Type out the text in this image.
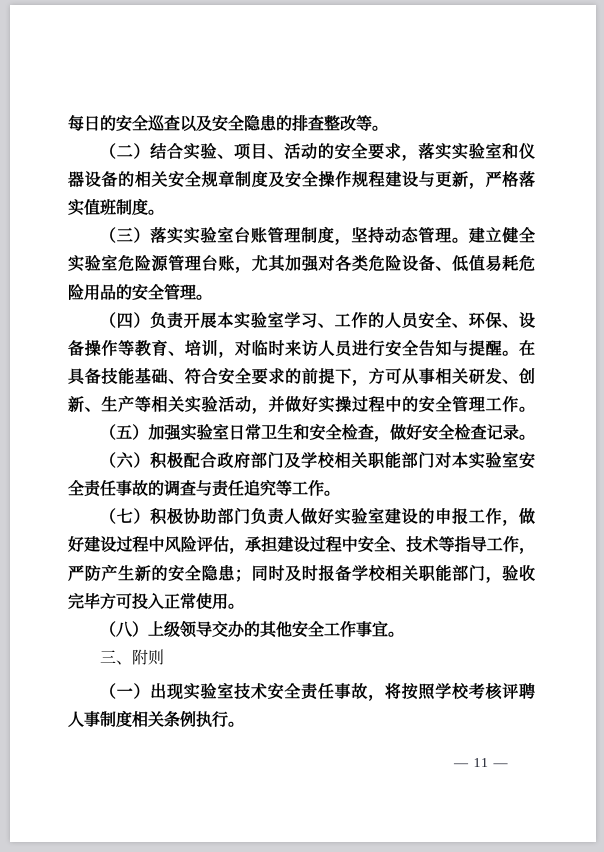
每日的安全巡查以及安全隐患的排查整改等。
（二）结合实验、项目、活动的安全要求，落实实验室和仪
器设备的相关安全规章制度及安全操作规程建设与更新，严格落
实值班制度。
（三）落实实验室台账管理制度，坚持动态管理。建立健全
实验室危险源管理台账，尤其加强对各类危险设备、低值易耗危
险用品的安全管理。
（四）负责开展本实验室学习、工作的人员安全、环保、设
备操作等教育、培训，对临时来访人员进行安全告知与提醒。在
具备技能基础、符合安全要求的前提下，方可从事相关研发、创
新、生产等相关实验活动，并做好实操过程中的安全管理工作。
（五）加强实验室日常卫生和安全检查，做好安全检查记录。
（六）积极配合政府部门及学校相关职能部门对本实验室安
全责任事故的调查与责任追究等工作。
（七）积极协助部门负责人做好实验室建设的申报工作，做
好建设过程中风险评估，承担建设过程中安全、技术等指导工作，
严防产生新的安全隐患；同时及时报备学校相关职能部门，验收
完毕方可投入正常使用。
（八）上级领导交办的其他安全工作事宜。
三、附则
（一）出现实验室技术安全责任事故，将按照学校考核评聘
人事制度相关条例执行。
— 11 —
